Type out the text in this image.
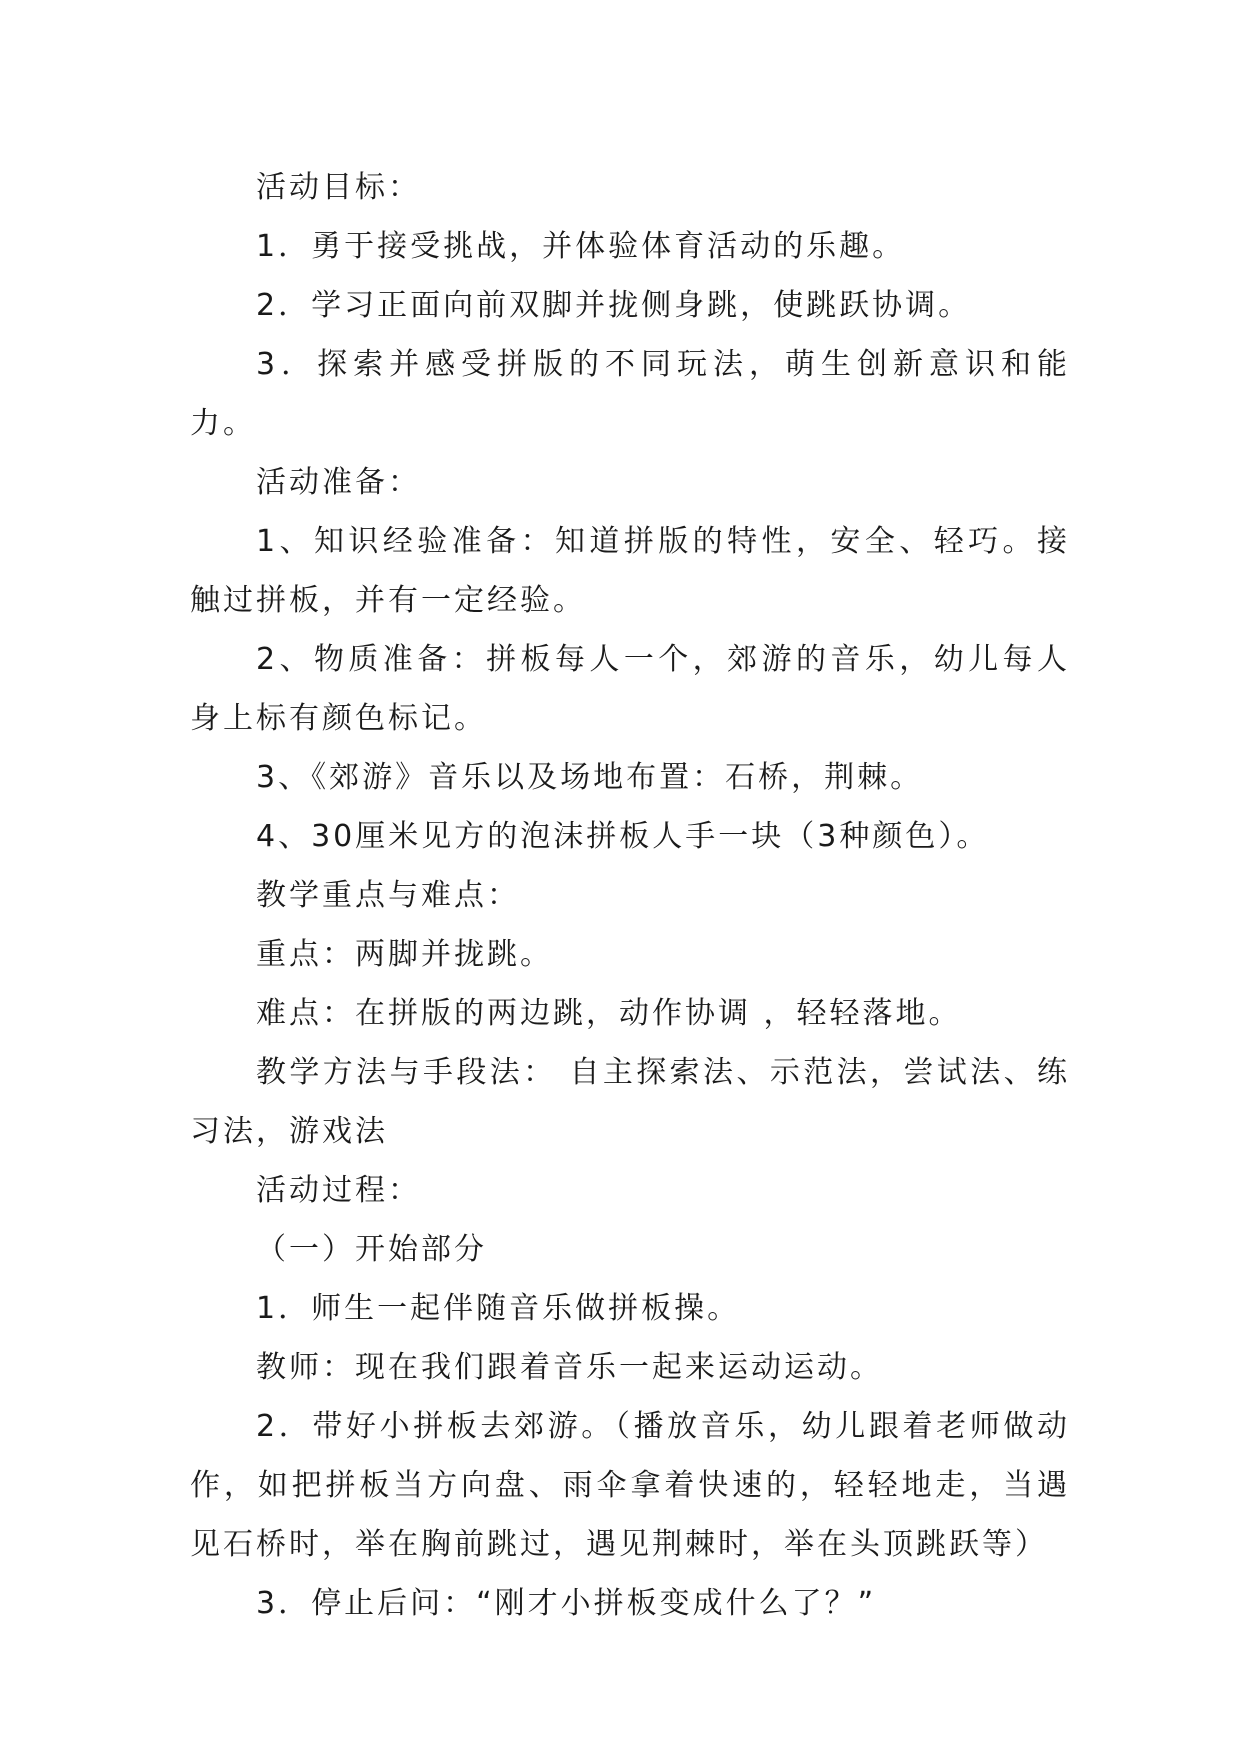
活动目标：

1．勇于接受挑战，并体验体育活动的乐趣。

2．学习正面向前双脚并拢侧身跳，使跳跃协调。

3．探索并感受拼版的不同玩法，萌生创新意识和能力。

活动准备：

1、知识经验准备：知道拼版的特性，安全、轻巧。接触过拼板，并有一定经验。

2、物质准备：拼板每人一个，郊游的音乐，幼儿每人身上标有颜色标记。

3、《郊游》音乐以及场地布置：石桥，荆棘。

4、30厘米见方的泡沫拼板人手一块（3种颜色）。

教学重点与难点：

重点：两脚并拢跳。

难点：在拼版的两边跳，动作协调 ，轻轻落地。

教学方法与手段法： 自主探索法、示范法，尝试法、练习法，游戏法

活动过程：

（一）开始部分

1．师生一起伴随音乐做拼板操。

教师：现在我们跟着音乐一起来运动运动。

2．带好小拼板去郊游。（播放音乐，幼儿跟着老师做动作，如把拼板当方向盘、雨伞拿着快速的，轻轻地走，当遇见石桥时，举在胸前跳过，遇见荆棘时，举在头顶跳跃等）

3．停止后问：“刚才小拼板变成什么了？”
